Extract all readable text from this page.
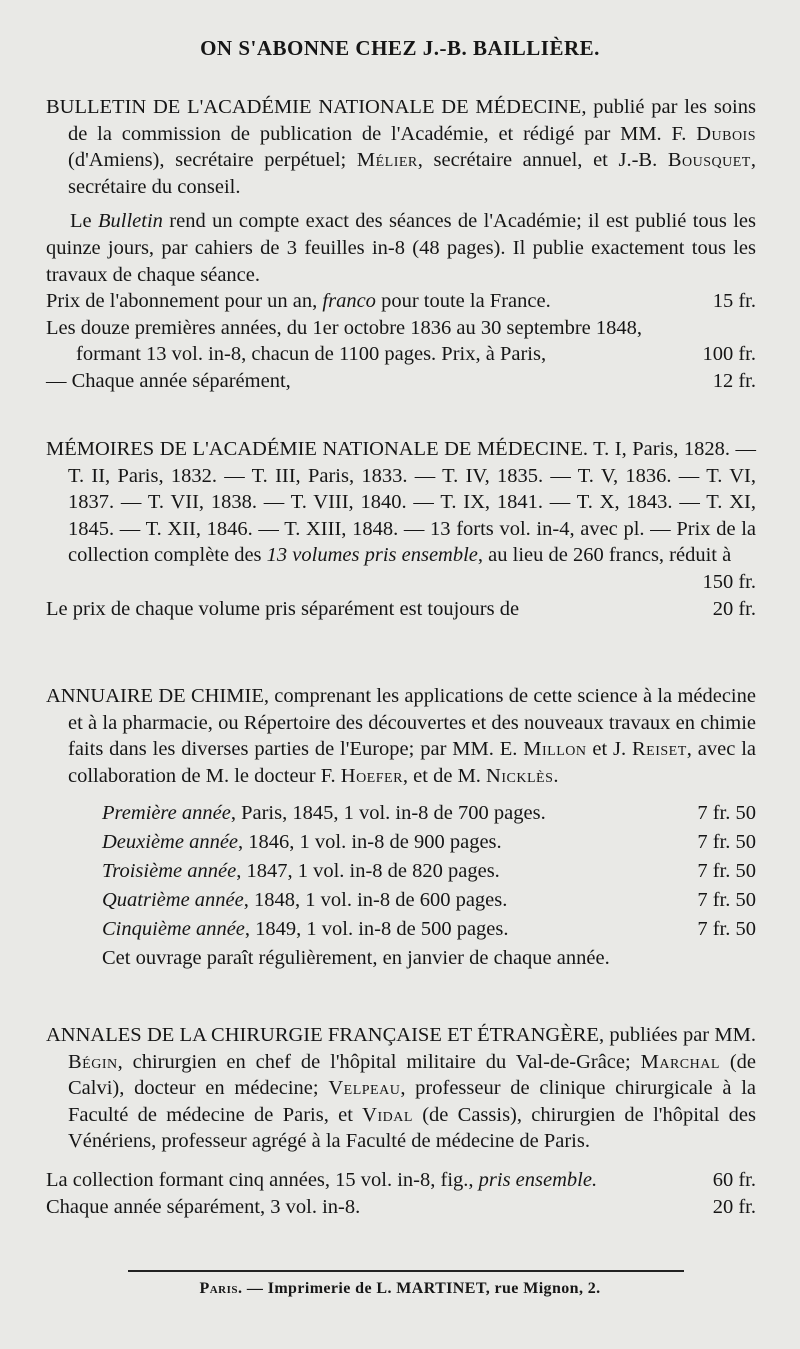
ON S'ABONNE CHEZ J.-B. BAILLIÈRE.
BULLETIN DE L'ACADÉMIE NATIONALE DE MÉDECINE, publié par les soins de la commission de publication de l'Académie, et rédigé par MM. F. Dubois (d'Amiens), secrétaire perpétuel; Mélier, secrétaire annuel, et J.-B. Bousquet, secrétaire du conseil.
Le Bulletin rend un compte exact des séances de l'Académie; il est publié tous les quinze jours, par cahiers de 3 feuilles in-8 (48 pages). Il publie exactement tous les travaux de chaque séance.
Prix de l'abonnement pour un an, franco pour toute la France.	15 fr.
Les douze premières années, du 1er octobre 1836 au 30 septembre 1848,
formant 13 vol. in-8, chacun de 1100 pages. Prix, à Paris,	100 fr.
— Chaque année séparément,	12 fr.
MÉMOIRES DE L'ACADÉMIE NATIONALE DE MÉDECINE. T. I, Paris, 1828. — T. II, Paris, 1832. — T. III, Paris, 1833. — T. IV, 1835. — T. V, 1836. — T. VI, 1837. — T. VII, 1838. — T. VIII, 1840. — T. IX, 1841. — T. X, 1843. — T. XI, 1845. — T. XII, 1846. — T. XIII, 1848. — 13 forts vol. in-4, avec pl. — Prix de la collection complète des 13 volumes pris ensemble, au lieu de 260 francs, réduit à
150 fr.
Le prix de chaque volume pris séparément est toujours de	20 fr.
ANNUAIRE DE CHIMIE, comprenant les applications de cette science à la médecine et à la pharmacie, ou Répertoire des découvertes et des nouveaux travaux en chimie faits dans les diverses parties de l'Europe; par MM. E. Millon et J. Reiset, avec la collaboration de M. le docteur F. Hoefer, et de M. Nicklès.
Première année, Paris, 1845, 1 vol. in-8 de 700 pages.	7 fr. 50
Deuxième année, 1846, 1 vol. in-8 de 900 pages.	7 fr. 50
Troisième année, 1847, 1 vol. in-8 de 820 pages.	7 fr. 50
Quatrième année, 1848, 1 vol. in-8 de 600 pages.	7 fr. 50
Cinquième année, 1849, 1 vol. in-8 de 500 pages.	7 fr. 50
Cet ouvrage paraît régulièrement, en janvier de chaque année.
ANNALES DE LA CHIRURGIE FRANÇAISE ET ÉTRANGÈRE, publiées par MM. Bégin, chirurgien en chef de l'hôpital militaire du Val-de-Grâce; Marchal (de Calvi), docteur en médecine; Velpeau, professeur de clinique chirurgicale à la Faculté de médecine de Paris, et Vidal (de Cassis), chirurgien de l'hôpital des Vénériens, professeur agrégé à la Faculté de médecine de Paris.
La collection formant cinq années, 15 vol. in-8, fig., pris ensemble.	60 fr.
Chaque année séparément, 3 vol. in-8.	20 fr.
Paris. — Imprimerie de L. MARTINET, rue Mignon, 2.
